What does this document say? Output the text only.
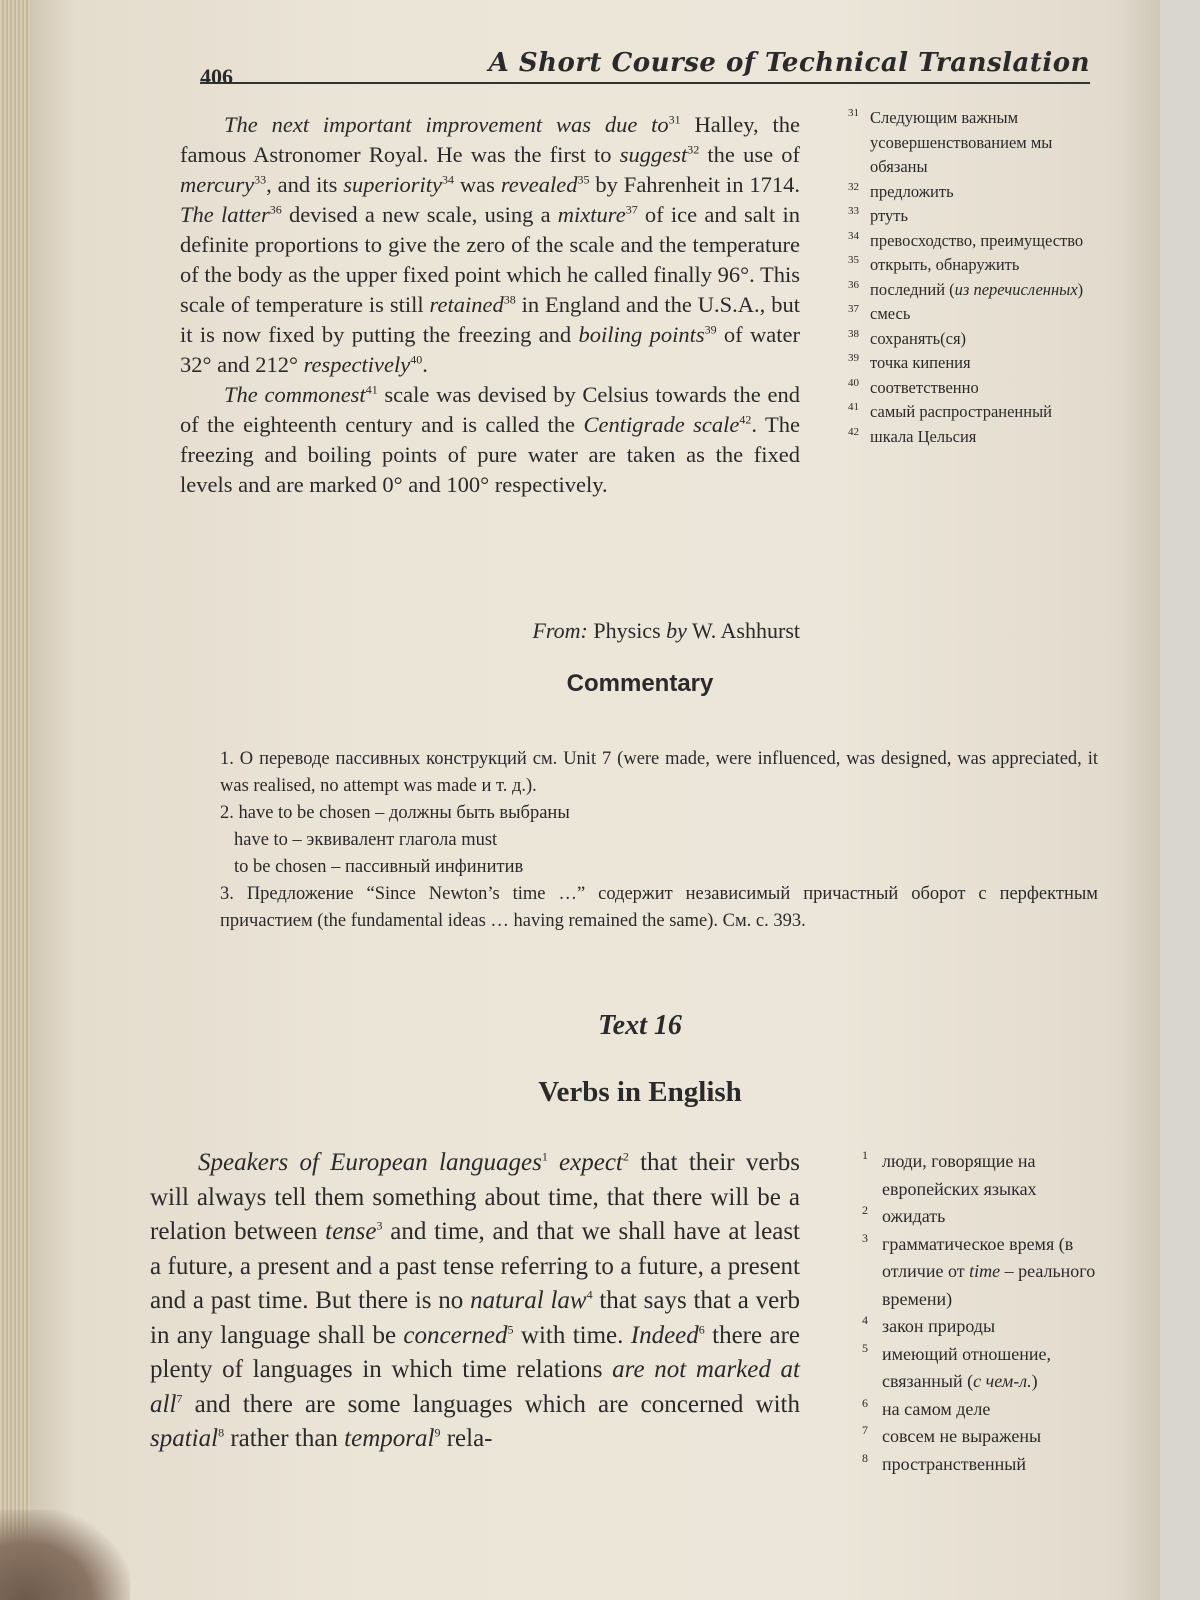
406	A Short Course of Technical Translation

The next important improvement was due $to^{31}$ Halley, the famous Astronomer Royal. He was the first to suggest$^{32}$ the use of mercury$^{33}$, and its superiority$^{34}$ was revealed$^{35}$ by Fahrenheit in 1714. The latter$^{36}$ devised a new scale, using a mixture$^{37}$ of ice and salt in definite proportions to give the zero of the scale and the temperature of the body as the upper fixed point which he called finally 96°. This scale of temperature is still retained$^{38}$ in England and the U.S.A., but it is now fixed by putting the freezing and boiling points$^{39}$ of water 32° and 212° respectively$^{40}$.

The commonest$^{41}$ scale was devised by Celsius towards the end of the eighteenth century and is called the Centigrade scale$^{42}$. The freezing and boiling points of pure water are taken as the fixed levels and are marked 0° and 100° respectively.

31 Следующим важным усовершенствованием мы обязаны
32 предложить
33 ртуть
34 превосходство, преимущество
35 открыть, обнаружить
36 последний (из перечисленных)
37 смесь
38 сохранять(ся)
39 точка кипения
40 соответственно
41 самый распространенный
42 шкала Цельсия
From: Physics by W. Ashhurst
Commentary

1. О переводе пассивных конструкций см. Unit 7 (were made, were influenced, was designed, was appreciated, it was realised, no attempt was made и т. д.).

2. have to be chosen – должны быть выбраны

have to – эквивалент глагола must

to be chosen – пассивный инфинитив

3. Предложение “Since Newton’s time …” содержит независимый причастный оборот с перфектным причастием (the fundamental ideas … having remained the same). См. с. 393.

Text 16
Verbs in English

Speakers of European languages$^1$ expect$^2$ that their verbs will always tell them something about time, that there will be a relation between tense$^3$ and time, and that we shall have at least a future, a present and a past tense referring to a future, a present and a past time. But there is no natural law$^4$ that says that a verb in any language shall be concerned$^5$ with time. Indeed$^6$ there are plenty of languages in which time relations are not marked at all$^7$ and there are some languages which are concerned with spatial$^8$ rather than temporal$^9$ rela-

1 люди, говорящие на европейских языках
2 ожидать
3 грамматическое время (в отличие от time – реального времени)
4 закон природы
5 имеющий отношение, связанный (с чем-л.)
6 на самом деле
7 совсем не выражены
8 пространственный
